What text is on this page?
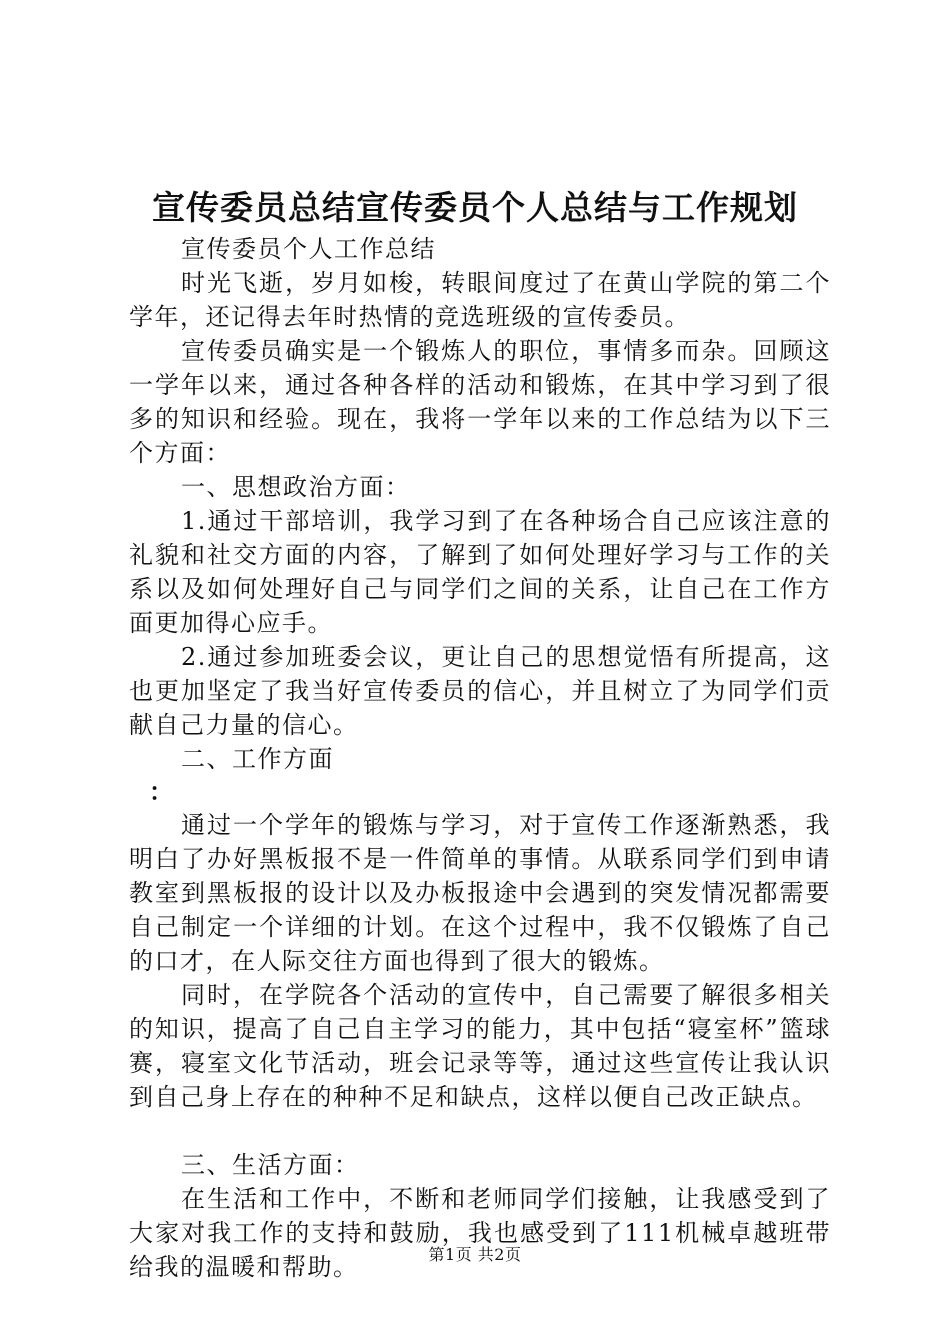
宣传委员总结宣传委员个人总结与工作规划

宣传委员个人工作总结

时光飞逝，岁月如梭，转眼间度过了在黄山学院的第二个学年，还记得去年时热情的竞选班级的宣传委员。

宣传委员确实是一个锻炼人的职位，事情多而杂。回顾这一学年以来，通过各种各样的活动和锻炼，在其中学习到了很多的知识和经验。现在，我将一学年以来的工作总结为以下三个方面：

一、思想政治方面：

1.通过干部培训，我学习到了在各种场合自己应该注意的礼貌和社交方面的内容，了解到了如何处理好学习与工作的关系以及如何处理好自己与同学们之间的关系，让自己在工作方面更加得心应手。

2.通过参加班委会议，更让自己的思想觉悟有所提高，这也更加坚定了我当好宣传委员的信心，并且树立了为同学们贡献自己力量的信心。

二、工作方面

：

通过一个学年的锻炼与学习，对于宣传工作逐渐熟悉，我明白了办好黑板报不是一件简单的事情。从联系同学们到申请教室到黑板报的设计以及办板报途中会遇到的突发情况都需要自己制定一个详细的计划。在这个过程中，我不仅锻炼了自己的口才，在人际交往方面也得到了很大的锻炼。

同时，在学院各个活动的宣传中，自己需要了解很多相关的知识，提高了自己自主学习的能力，其中包括“寝室杯”篮球赛，寝室文化节活动，班会记录等等，通过这些宣传让我认识到自己身上存在的种种不足和缺点，这样以便自己改正缺点。

三、生活方面：

在生活和工作中，不断和老师同学们接触，让我感受到了大家对我工作的支持和鼓励，我也感受到了111机械卓越班带给我的温暖和帮助。	第1页 共2页
